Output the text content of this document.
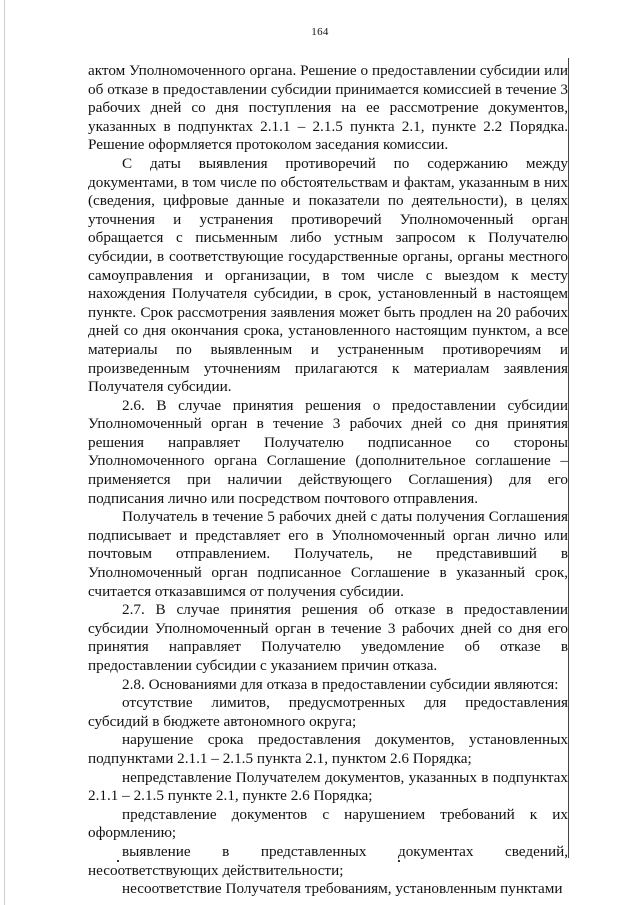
164

актом Уполномоченного органа. Решение о предоставлении субсидии или об отказе в предоставлении субсидии принимается комиссией в течение 3 рабочих дней со дня поступления на ее рассмотрение документов, указанных в подпунктах 2.1.1 – 2.1.5 пункта 2.1, пункте 2.2 Порядка. Решение оформляется протоколом заседания комиссии.

С даты выявления противоречий по содержанию между документами, в том числе по обстоятельствам и фактам, указанным в них (сведения, цифровые данные и показатели по деятельности), в целях уточнения и устранения противоречий Уполномоченный орган обращается с письменным либо устным запросом к Получателю субсидии, в соответствующие государственные органы, органы местного самоуправления и организации, в том числе с выездом к месту нахождения Получателя субсидии, в срок, установленный в настоящем пункте. Срок рассмотрения заявления может быть продлен на 20 рабочих дней со дня окончания срока, установленного настоящим пунктом, а все материалы по выявленным и устраненным противоречиям и произведенным уточнениям прилагаются к материалам заявления Получателя субсидии.

2.6. В случае принятия решения о предоставлении субсидии Уполномоченный орган в течение 3 рабочих дней со дня принятия решения направляет Получателю подписанное со стороны Уполномоченного органа Соглашение (дополнительное соглашение – применяется при наличии действующего Соглашения) для его подписания лично или посредством почтового отправления.

Получатель в течение 5 рабочих дней с даты получения Соглашения подписывает и представляет его в Уполномоченный орган лично или почтовым отправлением. Получатель, не представивший в Уполномоченный орган подписанное Соглашение в указанный срок, считается отказавшимся от получения субсидии.

2.7. В случае принятия решения об отказе в предоставлении субсидии Уполномоченный орган в течение 3 рабочих дней со дня его принятия направляет Получателю уведомление об отказе в предоставлении субсидии с указанием причин отказа.

2.8. Основаниями для отказа в предоставлении субсидии являются:

отсутствие лимитов, предусмотренных для предоставления субсидий в бюджете автономного округа;

нарушение срока предоставления документов, установленных подпунктами 2.1.1 – 2.1.5 пункта 2.1, пунктом 2.6 Порядка;

непредставление Получателем документов, указанных в подпунктах 2.1.1 – 2.1.5 пункте 2.1, пункте 2.6 Порядка;

представление документов с нарушением требований к их оформлению;

выявление в представленных документах сведений, несоответствующих действительности;

несоответствие Получателя требованиям, установленным пунктами
